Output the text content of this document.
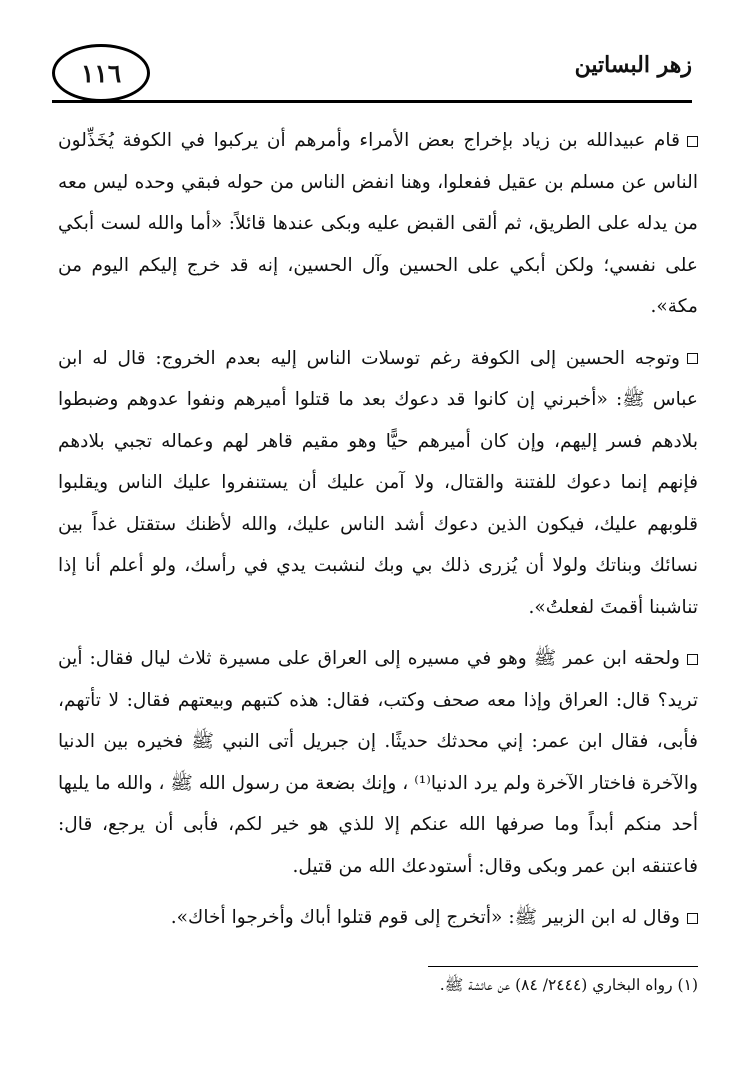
١١٦	زهر البساتين

قام عبيدالله بن زياد بإخراج بعض الأمراء وأمرهم أن يركبوا في الكوفة يُخَذِّلون الناس عن مسلم بن عقيل ففعلوا، وهنا انفض الناس من حوله فبقي وحده ليس معه من يدله على الطريق، ثم ألقى القبض عليه وبكى عندها قائلاً: «أما والله لست أبكي على نفسي؛ ولكن أبكي على الحسين وآل الحسين، إنه قد خرج إليكم اليوم من مكة».

وتوجه الحسين إلى الكوفة رغم توسلات الناس إليه بعدم الخروج: قال له ابن عباس ﷺ: «أخبرني إن كانوا قد دعوك بعد ما قتلوا أميرهم ونفوا عدوهم وضبطوا بلادهم فسر إليهم، وإن كان أميرهم حيًّا وهو مقيم قاهر لهم وعماله تجبي بلادهم فإنهم إنما دعوك للفتنة والقتال، ولا آمن عليك أن يستنفروا عليك الناس ويقلبوا قلوبهم عليك، فيكون الذين دعوك أشد الناس عليك، والله لأظنك ستقتل غداً بين نسائك وبناتك ولولا أن يُزرى ذلك بي وبك لنشبت يدي في رأسك، ولو أعلم أنا إذا تناشبنا أقمتَ لفعلتُ».

ولحقه ابن عمر ﷺ وهو في مسيره إلى العراق على مسيرة ثلاث ليال فقال: أين تريد؟ قال: العراق وإذا معه صحف وكتب، فقال: هذه كتبهم وبيعتهم فقال: لا تأتهم، فأبى، فقال ابن عمر: إني محدثك حديثًا. إن جبريل أتى النبي ﷺ فخيره بين الدنيا والآخرة فاختار الآخرة ولم يرد الدنيا⁽¹⁾ ، وإنك بضعة من رسول الله ﷺ ، والله ما يليها أحد منكم أبداً وما صرفها الله عنكم إلا للذي هو خير لكم، فأبى أن يرجع، قال: فاعتنقه ابن عمر وبكى وقال: أستودعك الله من قتيل.

وقال له ابن الزبير ﷺ: «أتخرج إلى قوم قتلوا أباك وأخرجوا أخاك».

(١) رواه البخاري (٢٤٤٤/ ٨٤) عن عائشة ﷺ.
